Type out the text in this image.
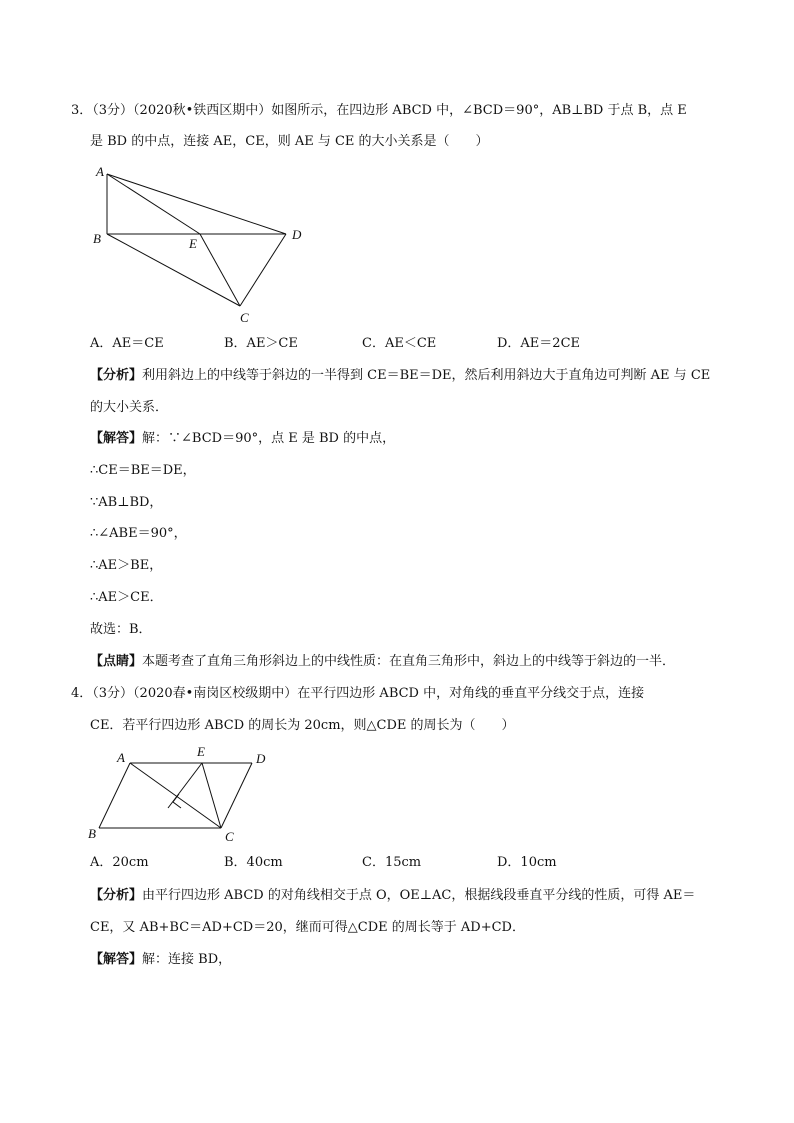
3．（3分）（2020秋•铁西区期中）如图所示，在四边形 ABCD 中，∠BCD＝90°，AB⊥BD 于点 B，点 E
是 BD 的中点，连接 AE，CE，则 AE 与 CE 的大小关系是（　　）
A
B	E
D
C
A	E	D
B	C
A．AE＝CE	B．AE＞CE	C．AE＜CE	D．AE＝2CE
【分析】利用斜边上的中线等于斜边的一半得到 CE＝BE＝DE，然后利用斜边大于直角边可判断 AE 与 CE
的大小关系．
【解答】解：∵∠BCD＝90°，点 E 是 BD 的中点，
∴CE＝BE＝DE，
∵AB⊥BD，
∴∠ABE＝90°，
∴AE＞BE，
∴AE＞CE．
故选：B．
【点睛】本题考查了直角三角形斜边上的中线性质：在直角三角形中，斜边上的中线等于斜边的一半．
4．（3分）（2020春•南岗区校级期中）在平行四边形 ABCD 中，对角线的垂直平分线交于点，连接
CE．若平行四边形 ABCD 的周长为 20cm，则△CDE 的周长为（　　）
A．20cm	B．40cm	C．15cm	D．10cm
【分析】由平行四边形 ABCD 的对角线相交于点 O，OE⊥AC，根据线段垂直平分线的性质，可得 AE＝
CE，又 AB+BC＝AD+CD＝20，继而可得△CDE 的周长等于 AD+CD．
【解答】解：连接 BD，
